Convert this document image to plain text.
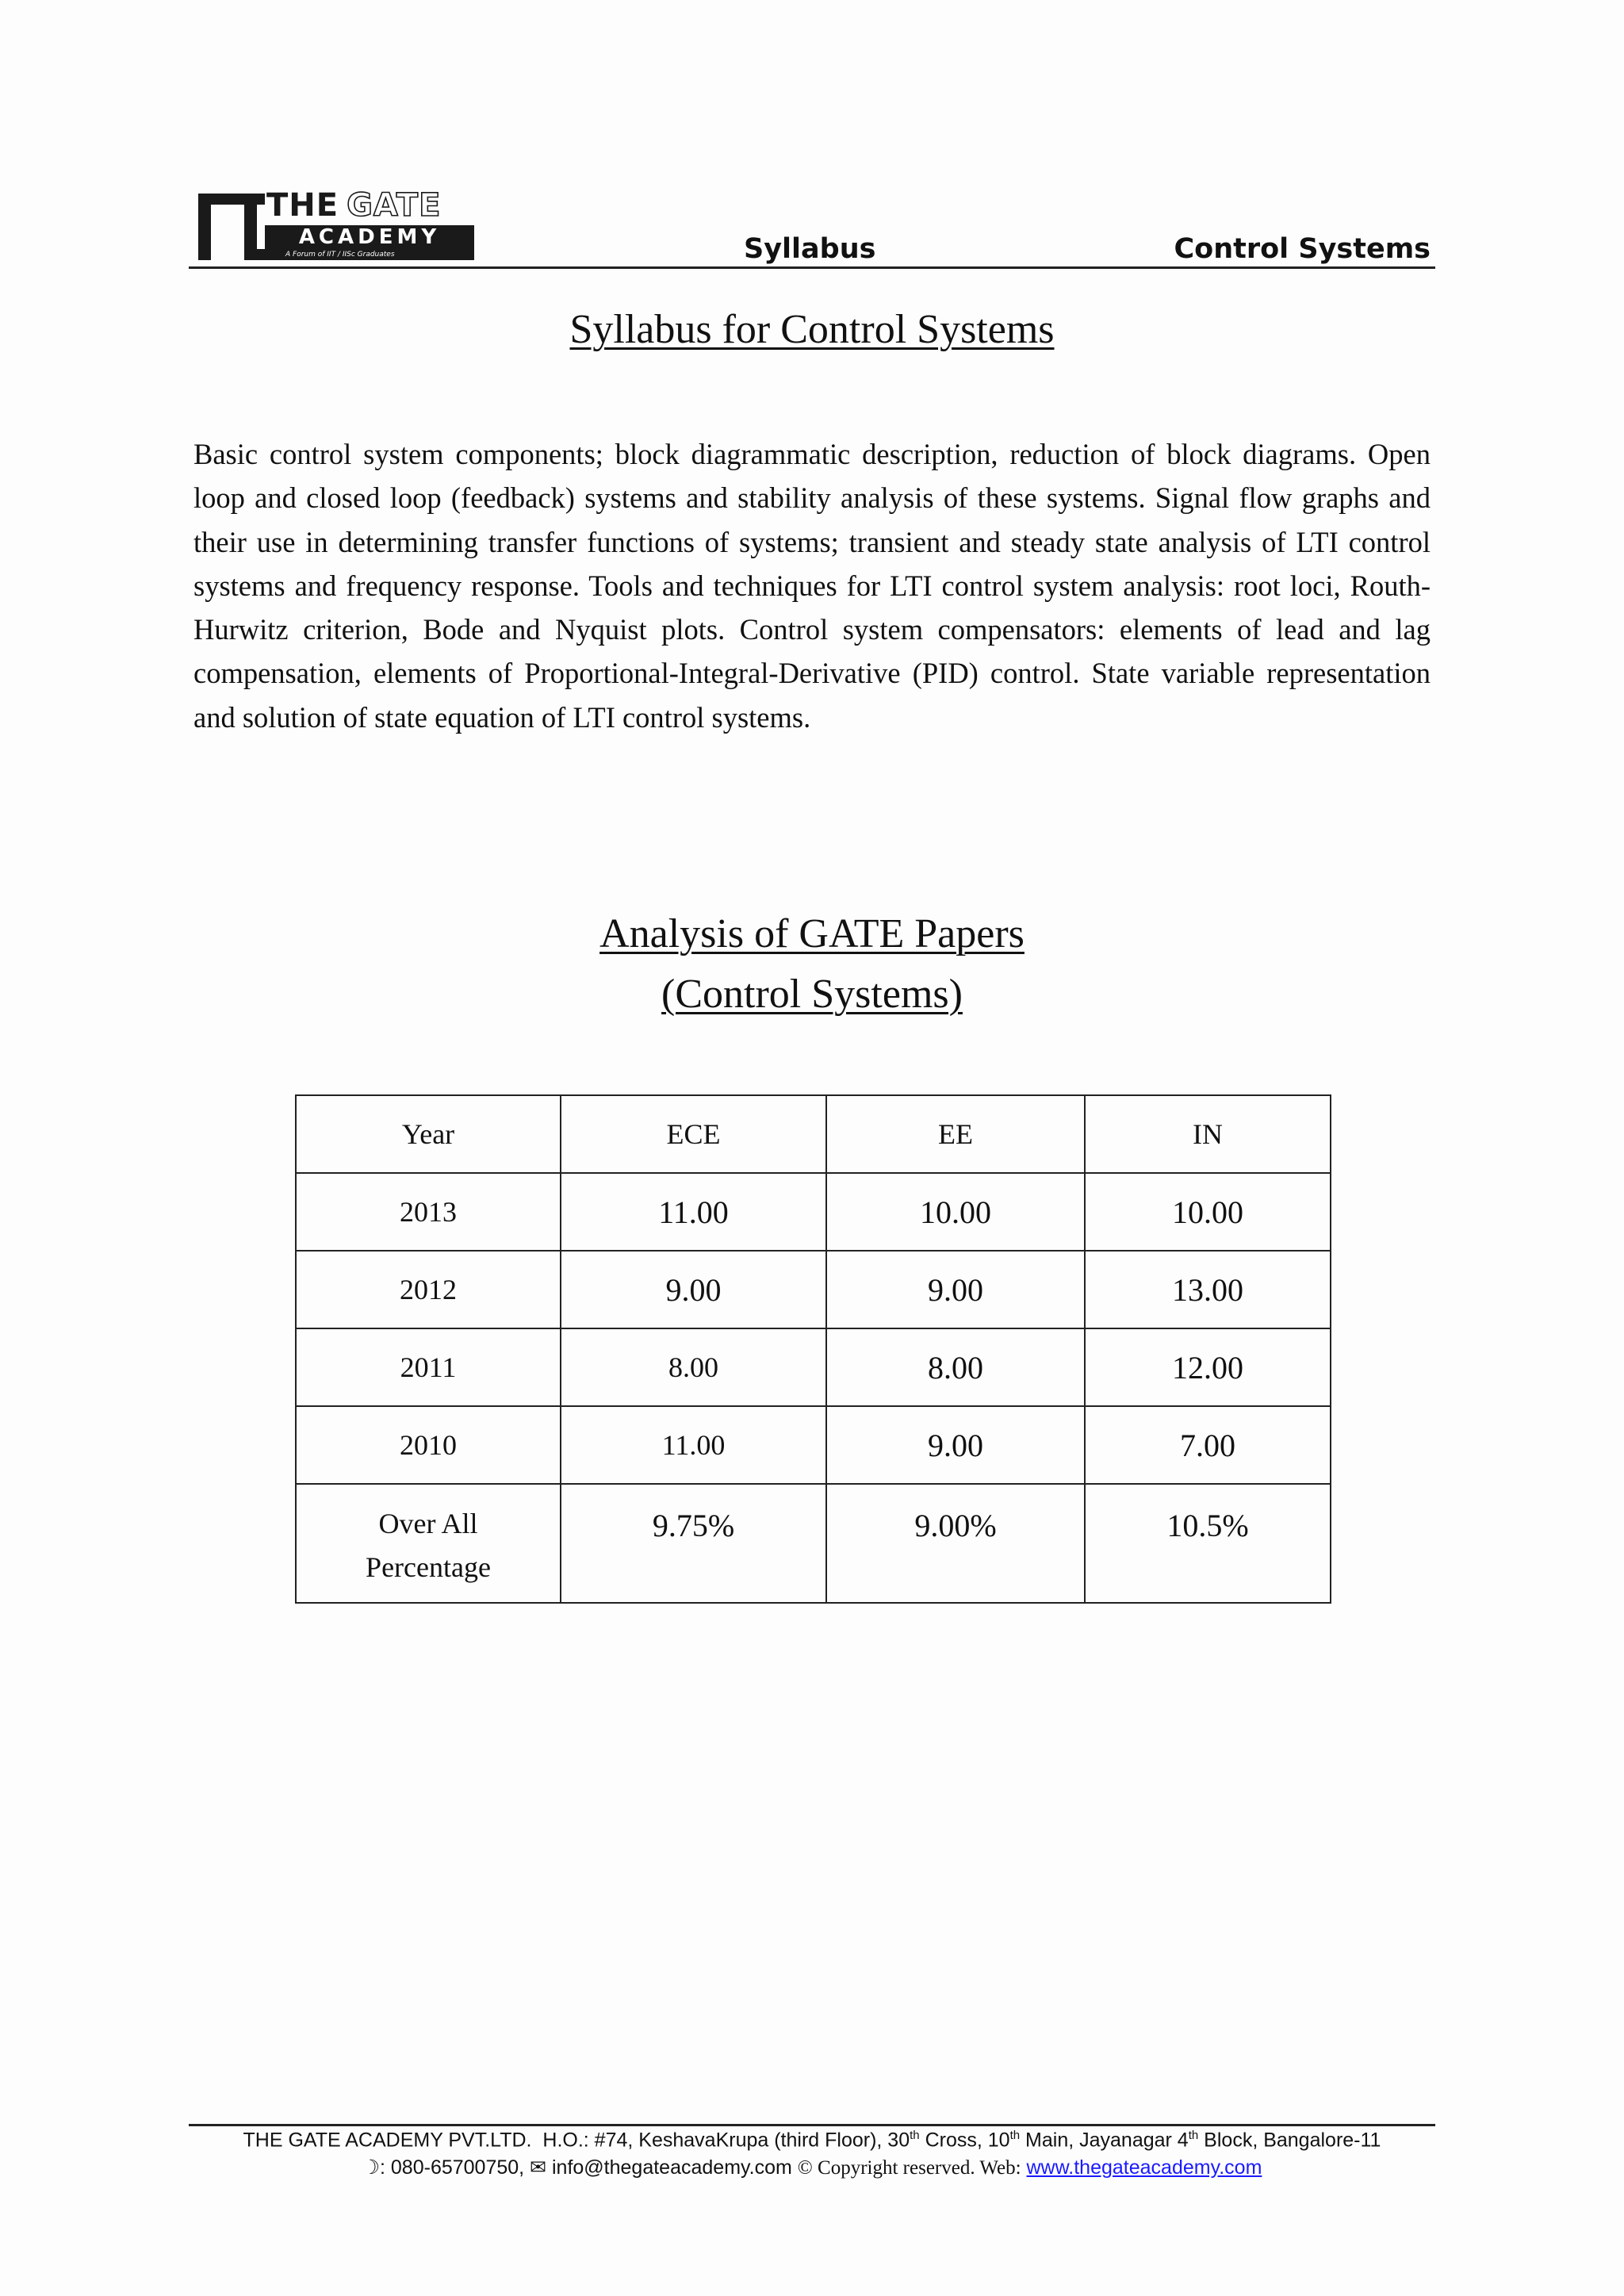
THE GATE
ACADEMY
A Forum of IIT / IISc Graduates	Syllabus	Control Systems
Syllabus for Control Systems

Basic control system components; block diagrammatic description, reduction of block diagrams. Open loop and closed loop (feedback) systems and stability analysis of these systems. Signal flow graphs and their use in determining transfer functions of systems; transient and steady state analysis of LTI control systems and frequency response. Tools and techniques for LTI control system analysis: root loci, Routh-Hurwitz criterion, Bode and Nyquist plots. Control system compensators: elements of lead and lag compensation, elements of Proportional-Integral-Derivative (PID) control. State variable representation and solution of state equation of LTI control systems.

Analysis of GATE Papers
(Control Systems)
Year	ECE	EE	IN
2013	11.00	10.00	10.00
2012	9.00	9.00	13.00
2011	8.00	8.00	12.00
2010	11.00	9.00	7.00
Over All
Percentage	9.75%	9.00%	10.5%
THE GATE ACADEMY PVT.LTD. H.O.: #74, KeshavaKrupa (third Floor), 30th Cross, 10th Main, Jayanagar 4th Block, Bangalore-11
☽: 080-65700750, ✉ info@thegateacademy.com © Copyright reserved. Web: www.thegateacademy.com
